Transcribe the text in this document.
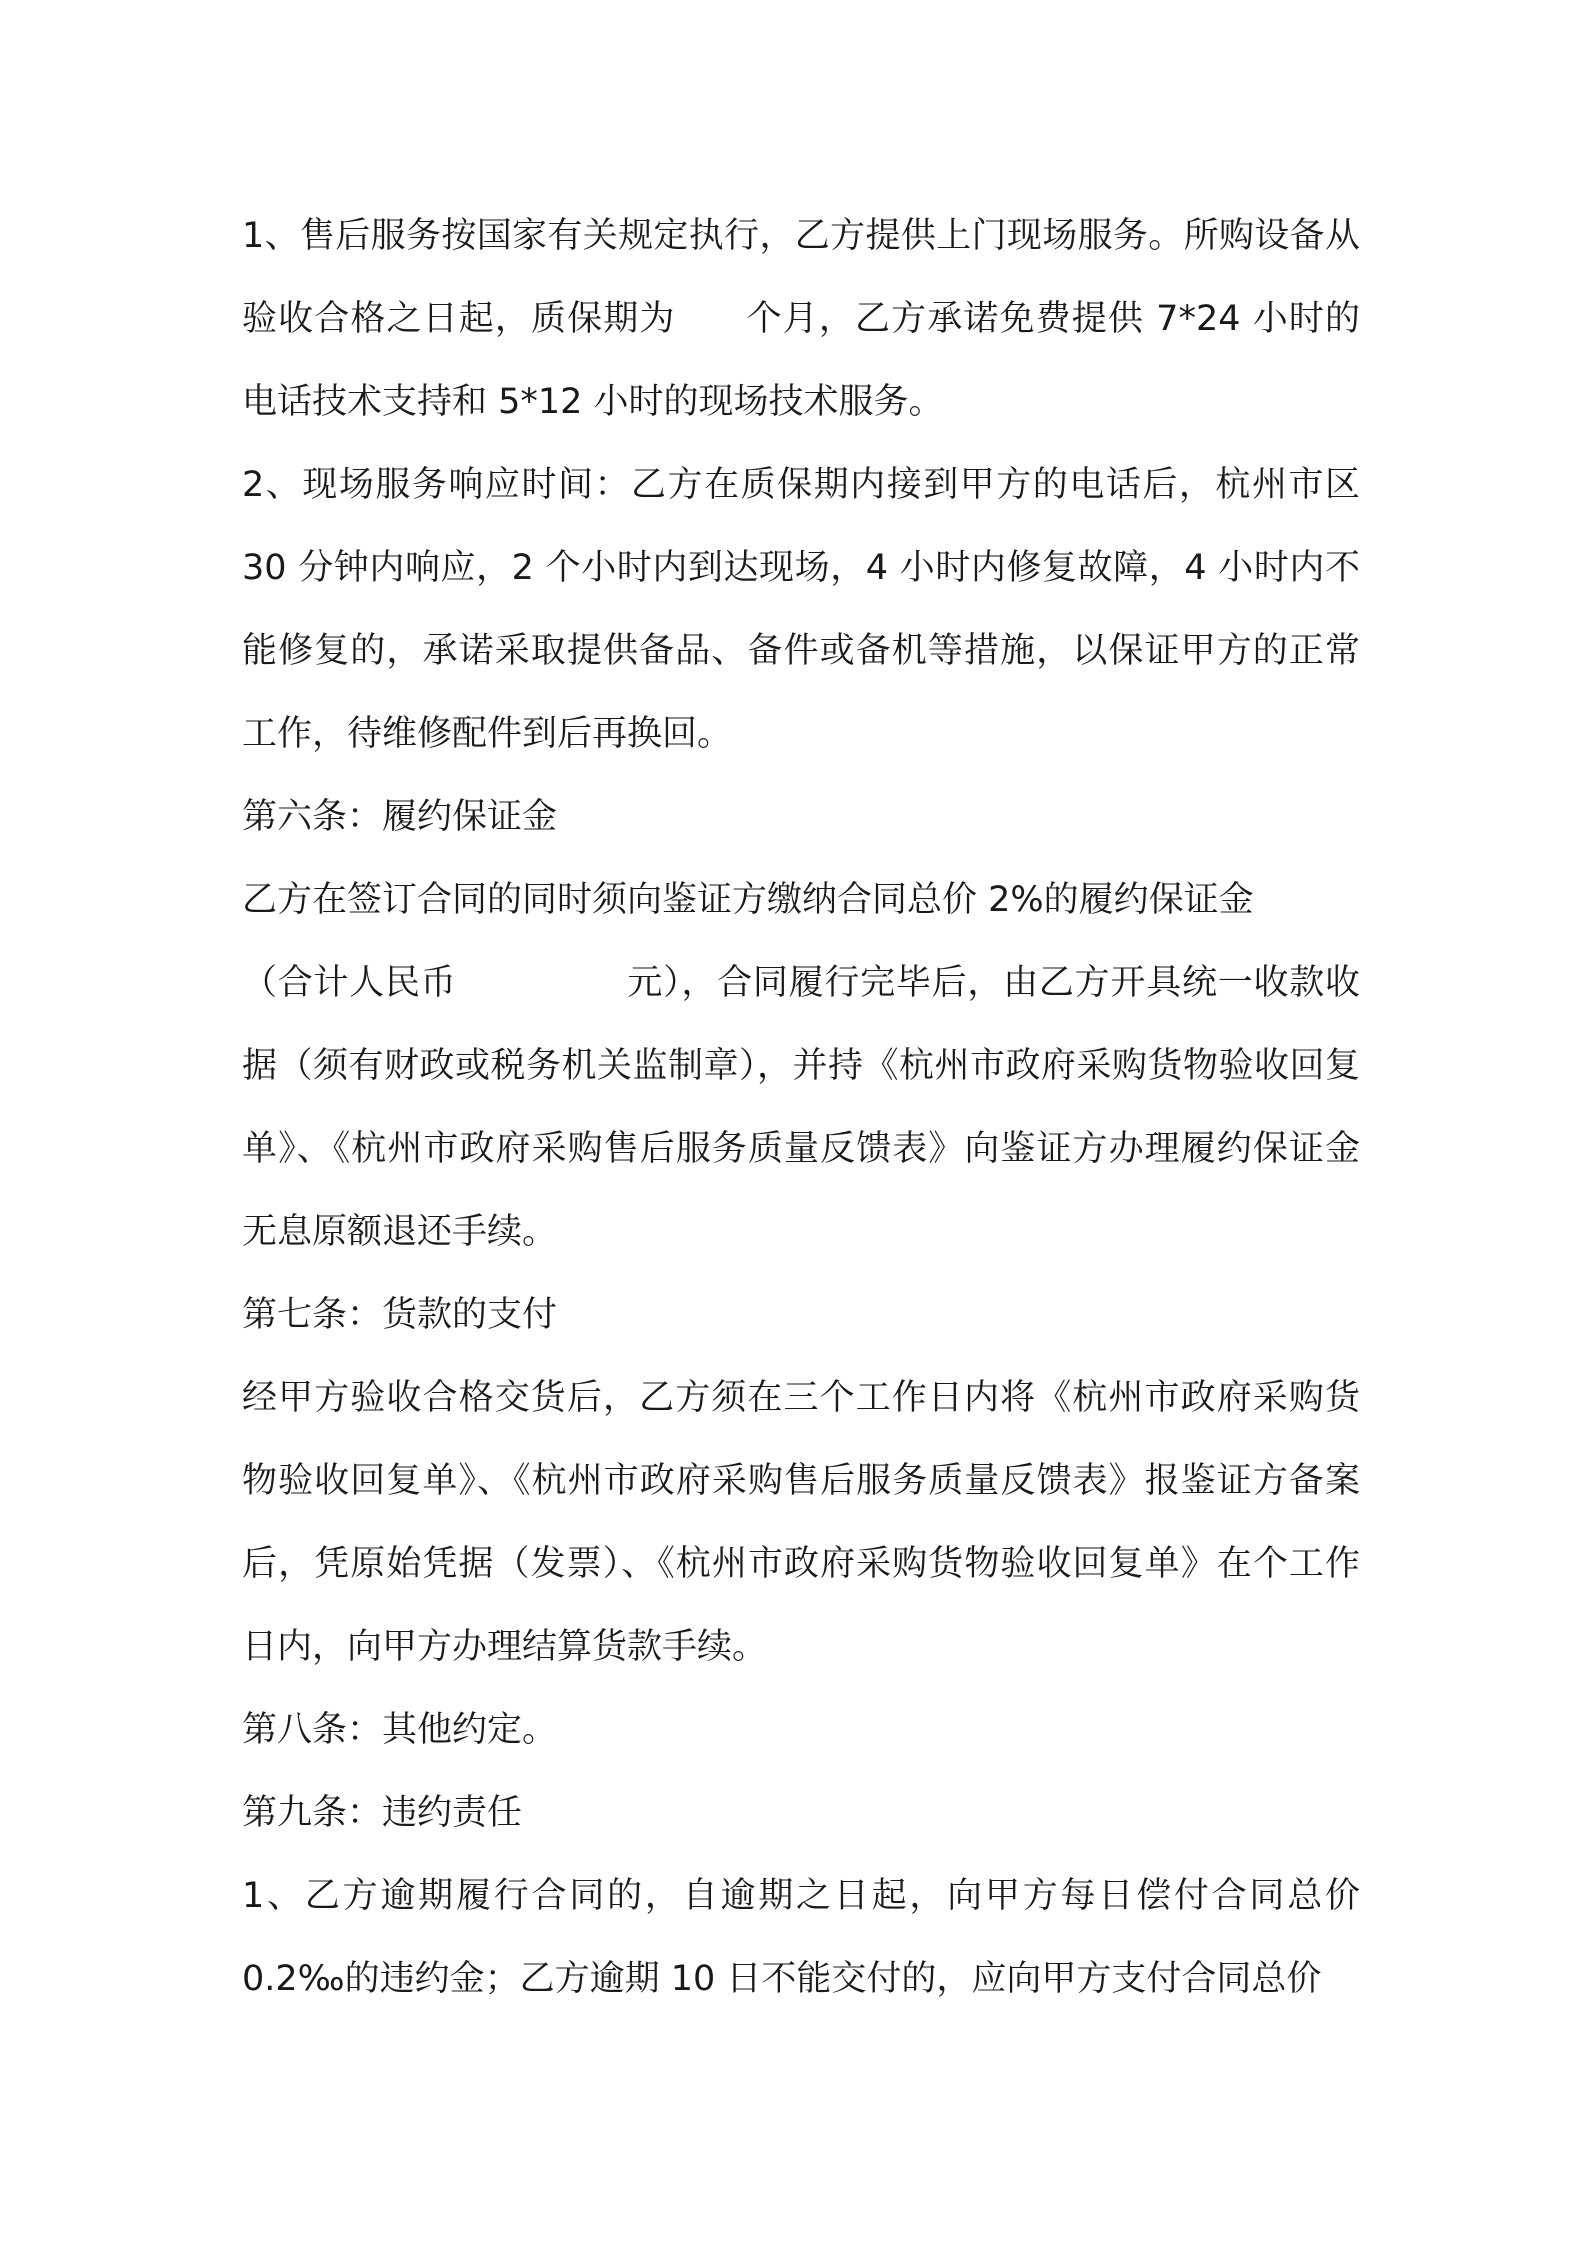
1、售后服务按国家有关规定执行，乙方提供上门现场服务。所购设备从验收合格之日起，质保期为 个月，乙方承诺免费提供 7*24 小时的电话技术支持和 5*12 小时的现场技术服务。

2、现场服务响应时间：乙方在质保期内接到甲方的电话后，杭州市区 30 分钟内响应，2 个小时内到达现场，4 小时内修复故障，4 小时内不能修复的，承诺采取提供备品、备件或备机等措施，以保证甲方的正常工作，待维修配件到后再换回。

第六条：履约保证金

乙方在签订合同的同时须向鉴证方缴纳合同总价 2%的履约保证金
（合计人民币	元），合同履行完毕后，由乙方开具统一收款收据（须有财政或税务机关监制章），并持《杭州市政府采购货物验收回复单》、《杭州市政府采购售后服务质量反馈表》向鉴证方办理履约保证金无息原额退还手续。

第七条：货款的支付

经甲方验收合格交货后，乙方须在三个工作日内将《杭州市政府采购货物验收回复单》、《杭州市政府采购售后服务质量反馈表》报鉴证方备案后，凭原始凭据（发票）、《杭州市政府采购货物验收回复单》在个工作日内，向甲方办理结算货款手续。

第八条：其他约定。

第九条：违约责任

1、乙方逾期履行合同的，自逾期之日起，向甲方每日偿付合同总价 0.2‰的违约金；乙方逾期 10 日不能交付的，应向甲方支付合同总价
